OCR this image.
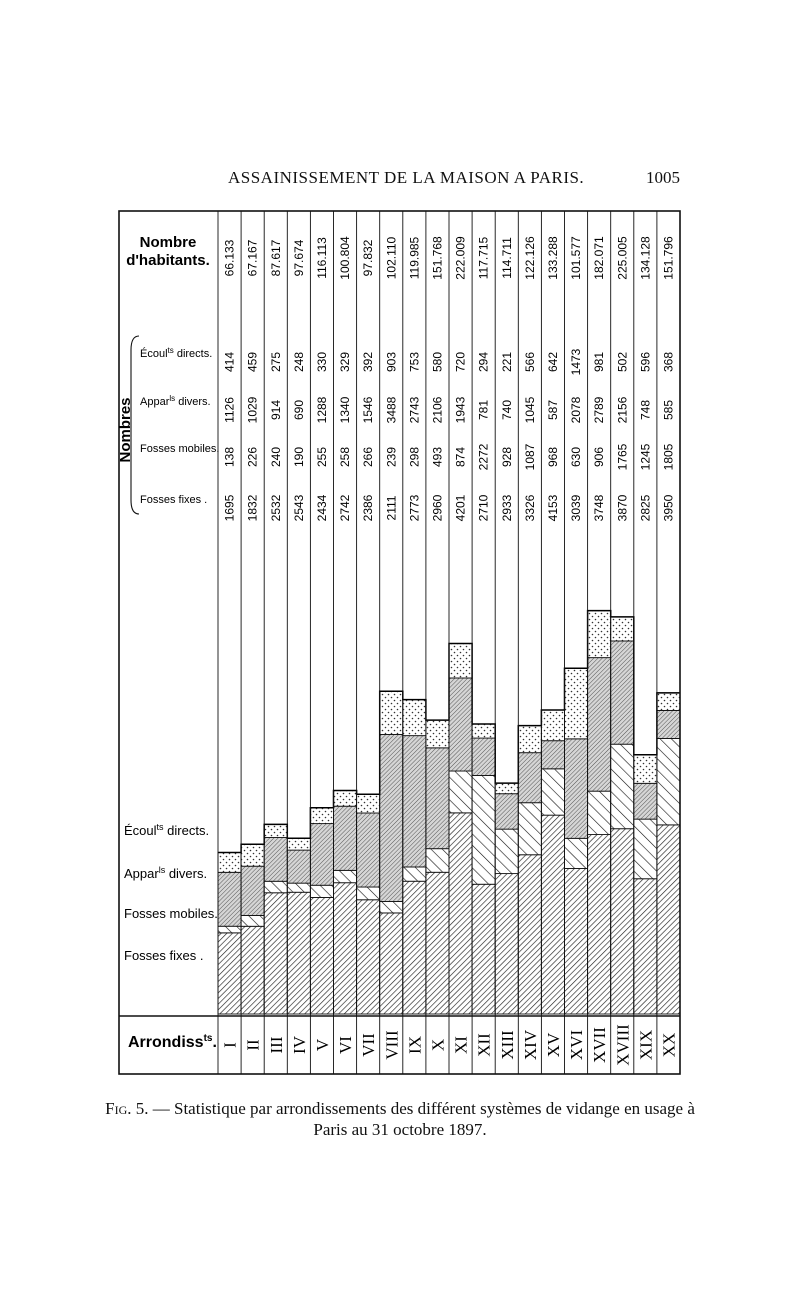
ASSAINISSEMENT DE LA MAISON A PARIS.	1005
414 459 275 248 330 329 392 903 753 580 720 294 221 566 642 1473 981 502 596 368
1126 1029 914 690 1288 1340 1546 3488 2743 2106 1943 781 740 1045 587 2078 2789 2156 748 585
138 226 240 190 255 258 266 239 298 493 874 2272 928 1087 968 630 906 1765 1245 1805
1695 1832 2532 2543 2434 2742 2386 2111 2773 2960 4201 2710 2933 3326 4153 3039 3748 3870 2825 3950
66.133 67.167 87.617 97.674 116.113 100.804 97.832 102.110 119.985 151.768 222.009 117.715 114.711 122.126 133.288 101.577 182.071 225.005 134.128 151.796
I II III IV V VI VII VIII IX X XI XII XIII XIV XV XVI XVII XVIII XIX XX
Nombre
d'habitants.
Nombres
Écoul$^{ts}$ directs.
Appar$^{ls}$ divers.
Fosses mobiles.
Fosses fixes .
Écoul$^{ts}$ directs.
Appar$^{ls}$ divers.
Fosses mobiles.
Fosses fixes .
Arrondiss$^{ts}$.
Fig. 5. — Statistique par arrondissements des différent systèmes de vidange en usage à Paris au 31 octobre 1897.
